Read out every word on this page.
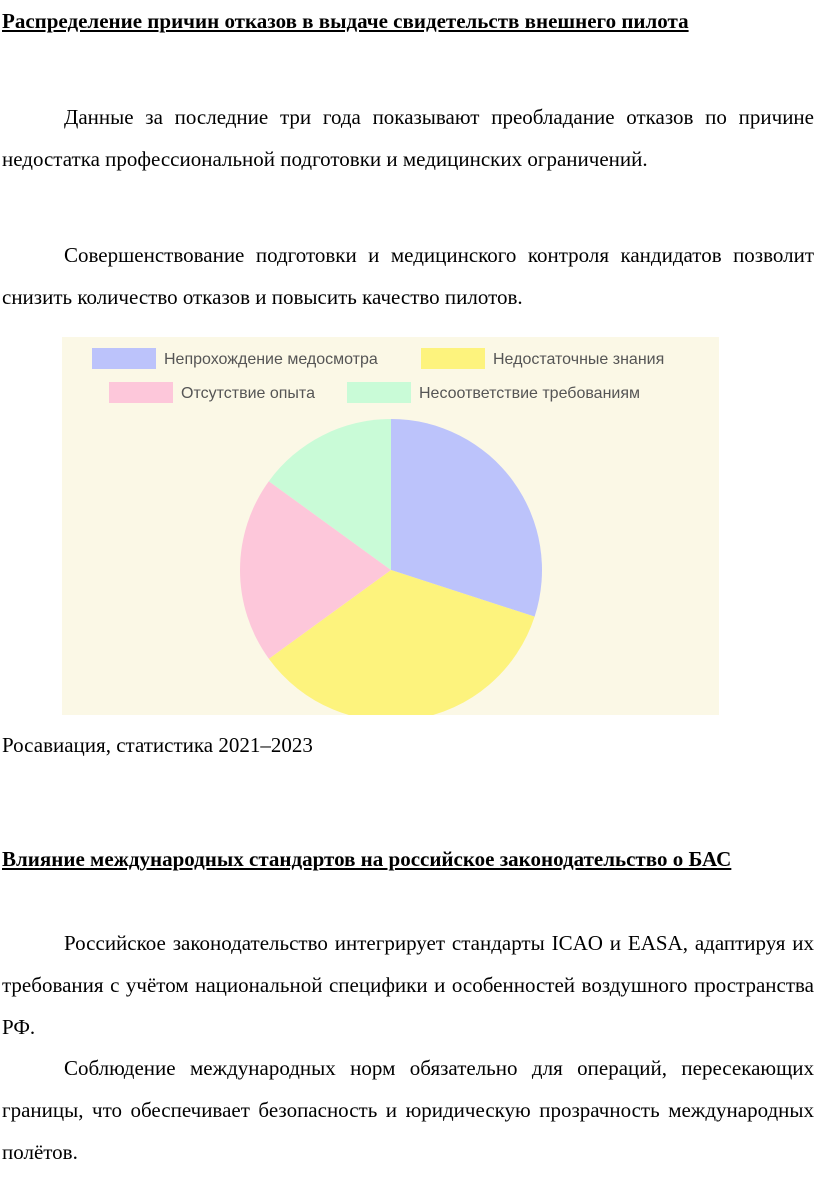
Распределение причин отказов в выдаче свидетельств внешнего пилота

Данные за последние три года показывают преобладание отказов по причине недостатка профессиональной подготовки и медицинских ограничений.

Совершенствование подготовки и медицинского контроля кандидатов позволит снизить количество отказов и повысить качество пилотов.

Непрохождение медосмотра	Недостаточные знания
Отсутствие опыта	Несоответствие требованиям

Росавиация, статистика 2021–2023

Влияние международных стандартов на российское законодательство о БАС

Российское законодательство интегрирует стандарты ICAO и EASA, адаптируя их требования с учётом национальной специфики и особенностей воздушного пространства РФ.

Соблюдение международных норм обязательно для операций, пересекающих границы, что обеспечивает безопасность и юридическую прозрачность международных полётов.
